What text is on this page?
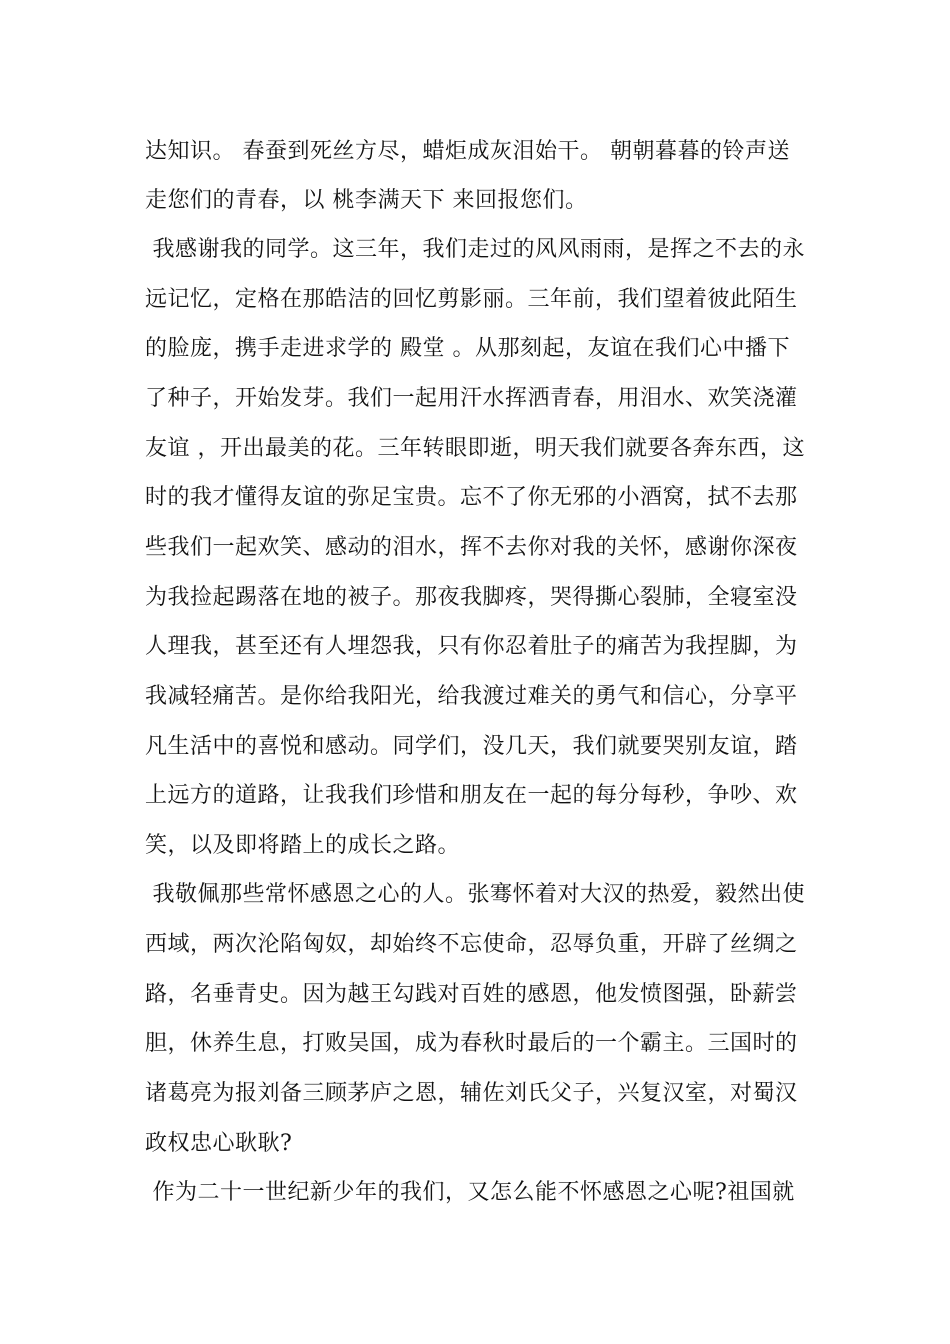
达知识。 春蚕到死丝方尽，蜡炬成灰泪始干。 朝朝暮暮的铃声送
走您们的青春，以 桃李满天下 来回报您们。
我感谢我的同学。这三年，我们走过的风风雨雨，是挥之不去的永
远记忆，定格在那皓洁的回忆剪影丽。三年前，我们望着彼此陌生
的脸庞，携手走进求学的 殿堂 。从那刻起，友谊在我们心中播下
了种子，开始发芽。我们一起用汗水挥洒青春，用泪水、欢笑浇灌
友谊 ，开出最美的花。三年转眼即逝，明天我们就要各奔东西，这
时的我才懂得友谊的弥足宝贵。忘不了你无邪的小酒窝，拭不去那
些我们一起欢笑、感动的泪水，挥不去你对我的关怀，感谢你深夜
为我捡起踢落在地的被子。那夜我脚疼，哭得撕心裂肺，全寝室没
人理我，甚至还有人埋怨我，只有你忍着肚子的痛苦为我捏脚，为
我减轻痛苦。是你给我阳光，给我渡过难关的勇气和信心，分享平
凡生活中的喜悦和感动。同学们，没几天，我们就要哭别友谊，踏
上远方的道路，让我我们珍惜和朋友在一起的每分每秒，争吵、欢
笑，以及即将踏上的成长之路。
我敬佩那些常怀感恩之心的人。张骞怀着对大汉的热爱，毅然出使
西域，两次沦陷匈奴，却始终不忘使命，忍辱负重，开辟了丝绸之
路，名垂青史。因为越王勾践对百姓的感恩，他发愤图强，卧薪尝
胆，休养生息，打败吴国，成为春秋时最后的一个霸主。三国时的
诸葛亮为报刘备三顾茅庐之恩，辅佐刘氏父子，兴复汉室，对蜀汉
政权忠心耿耿?
作为二十一世纪新少年的我们，又怎么能不怀感恩之心呢?祖国就
